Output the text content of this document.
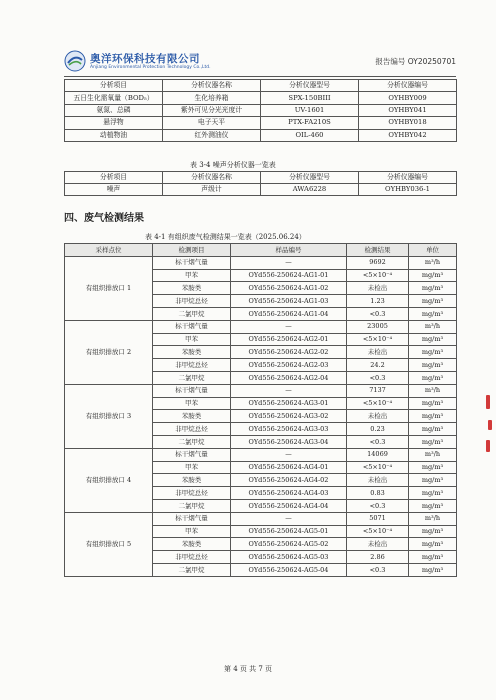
奥洋环保科技有限公司
Anjiang Environmental Protection Technology Co.,Ltd.
报告编号 OY20250701
分析项目	分析仪器名称	分析仪器型号	分析仪器编号
五日生化需氧量（BOD₅）	生化培养箱	SPX-150BIII	OYHBY009
氨氮、总磷	紫外可见分光光度计	UV-1601	OYHBY041
悬浮物	电子天平	PTX-FA210S	OYHBY018
动植物油	红外测油仪	OIL-460	OYHBY042
表 3-4 噪声分析仪器一览表
分析项目	分析仪器名称	分析仪器型号	分析仪器编号
噪声	声级计	AWA6228	OYHBY036-1
四、废气检测结果
表 4-1 有组织废气检测结果一览表（2025.06.24）
采样点位	检测项目	样品编号	检测结果	单位
有组织排放口 1	标干烟气量	—	9692	m³/h
	甲苯	OYd556-250624-AG1-01	<5×10⁻⁴	mg/m³
	苯胺类	OYd556-250624-AG1-02	未检出	mg/m³
	非甲烷总烃	OYd556-250624-AG1-03	1.23	mg/m³
	二氯甲烷	OYd556-250624-AG1-04	<0.3	mg/m³
有组织排放口 2	标干烟气量	—	23005	m³/h
	甲苯	OYd556-250624-AG2-01	<5×10⁻⁴	mg/m³
	苯胺类	OYd556-250624-AG2-02	未检出	mg/m³
	非甲烷总烃	OYd556-250624-AG2-03	24.2	mg/m³
	二氯甲烷	OYd556-250624-AG2-04	<0.3	mg/m³
有组织排放口 3	标干烟气量	—	7137	m³/h
	甲苯	OYd556-250624-AG3-01	<5×10⁻⁴	mg/m³
	苯胺类	OYd556-250624-AG3-02	未检出	mg/m³
	非甲烷总烃	OYd556-250624-AG3-03	0.23	mg/m³
	二氯甲烷	OYd556-250624-AG3-04	<0.3	mg/m³
有组织排放口 4	标干烟气量	—	14069	m³/h
	甲苯	OYd556-250624-AG4-01	<5×10⁻⁴	mg/m³
	苯胺类	OYd556-250624-AG4-02	未检出	mg/m³
	非甲烷总烃	OYd556-250624-AG4-03	0.83	mg/m³
	二氯甲烷	OYd556-250624-AG4-04	<0.3	mg/m³
有组织排放口 5	标干烟气量	—	5071	m³/h
	甲苯	OYd556-250624-AG5-01	<5×10⁻⁴	mg/m³
	苯胺类	OYd556-250624-AG5-02	未检出	mg/m³
	非甲烷总烃	OYd556-250624-AG5-03	2.86	mg/m³
	二氯甲烷	OYd556-250624-AG5-04	<0.3	mg/m³
第 4 页 共 7 页
